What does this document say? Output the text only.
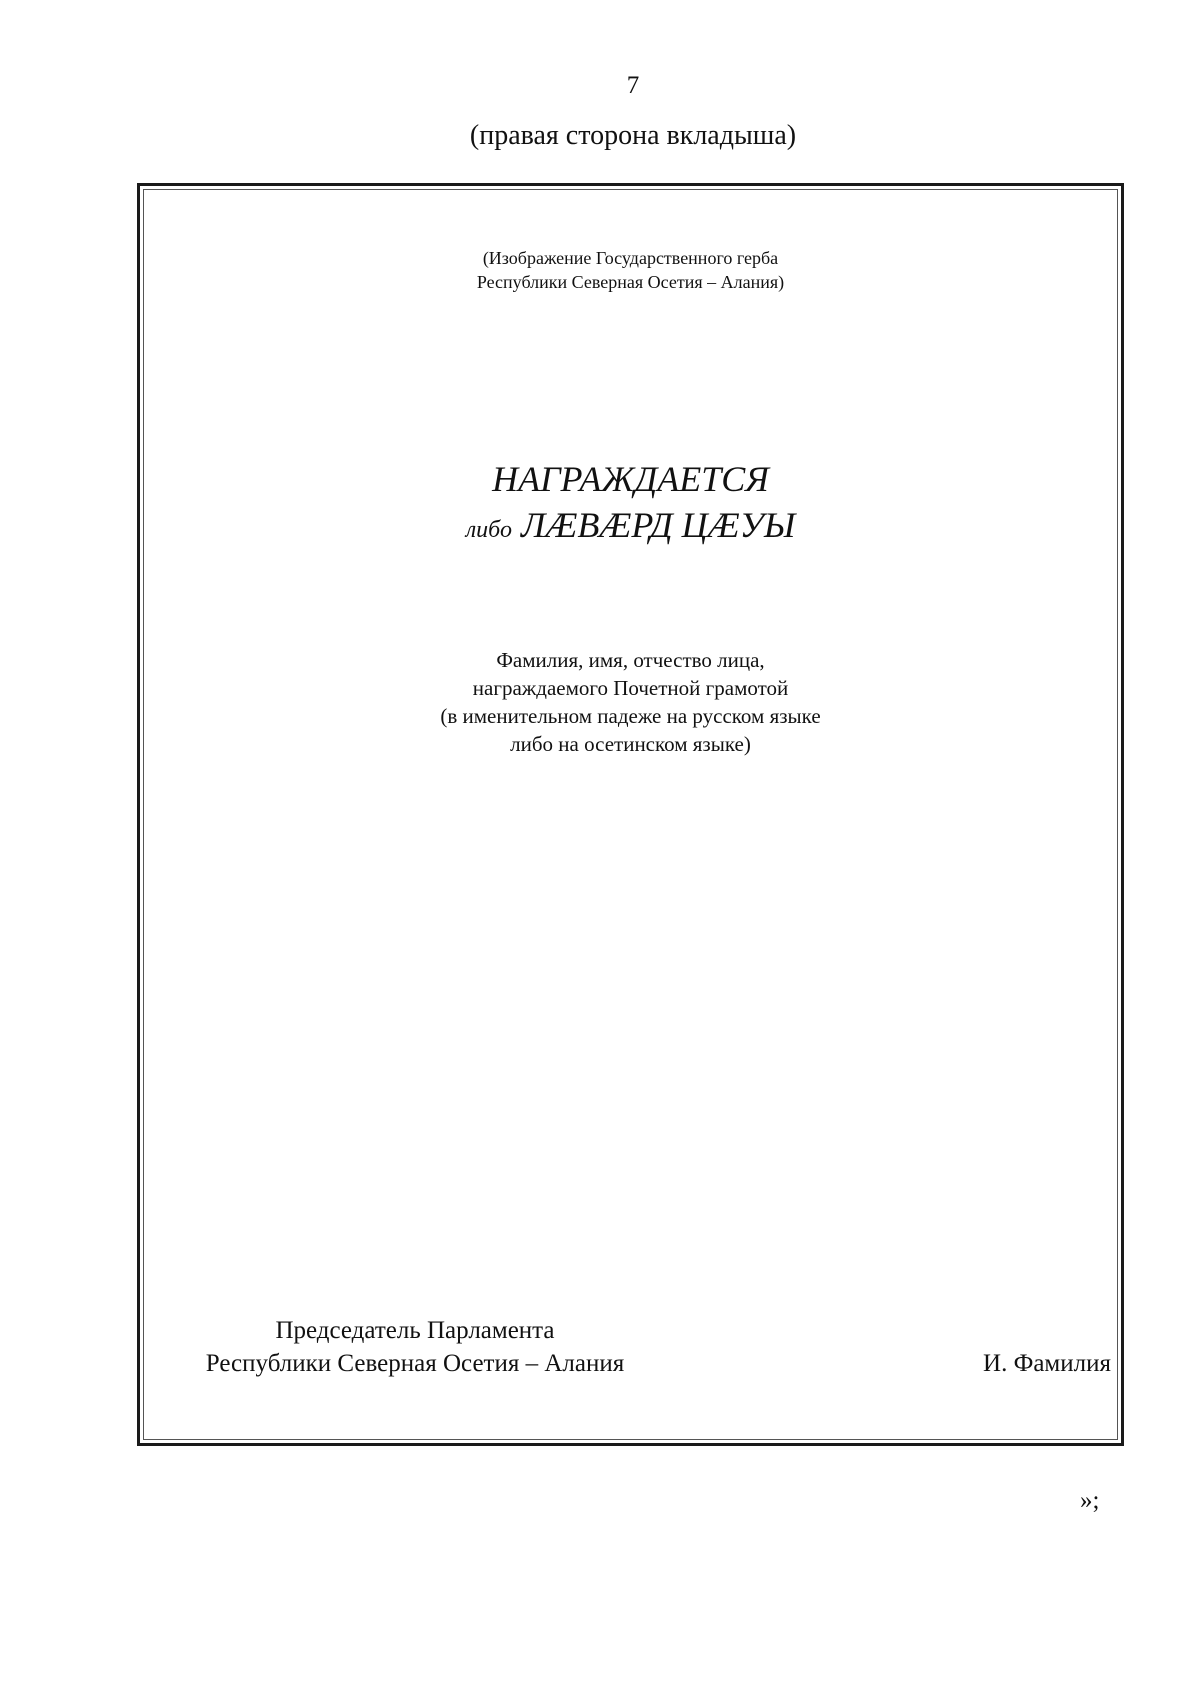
7
(правая сторона вкладыша)
(Изображение Государственного герба
Республики Северная Осетия – Алания)
НАГРАЖДАЕТСЯ
либо ЛÆВÆРД ЦÆУЫ
Фамилия, имя, отчество лица,
награждаемого Почетной грамотой
(в именительном падеже на русском языке
либо на осетинском языке)
Председатель Парламента
Республики Северная Осетия – Алания	И. Фамилия
»;
